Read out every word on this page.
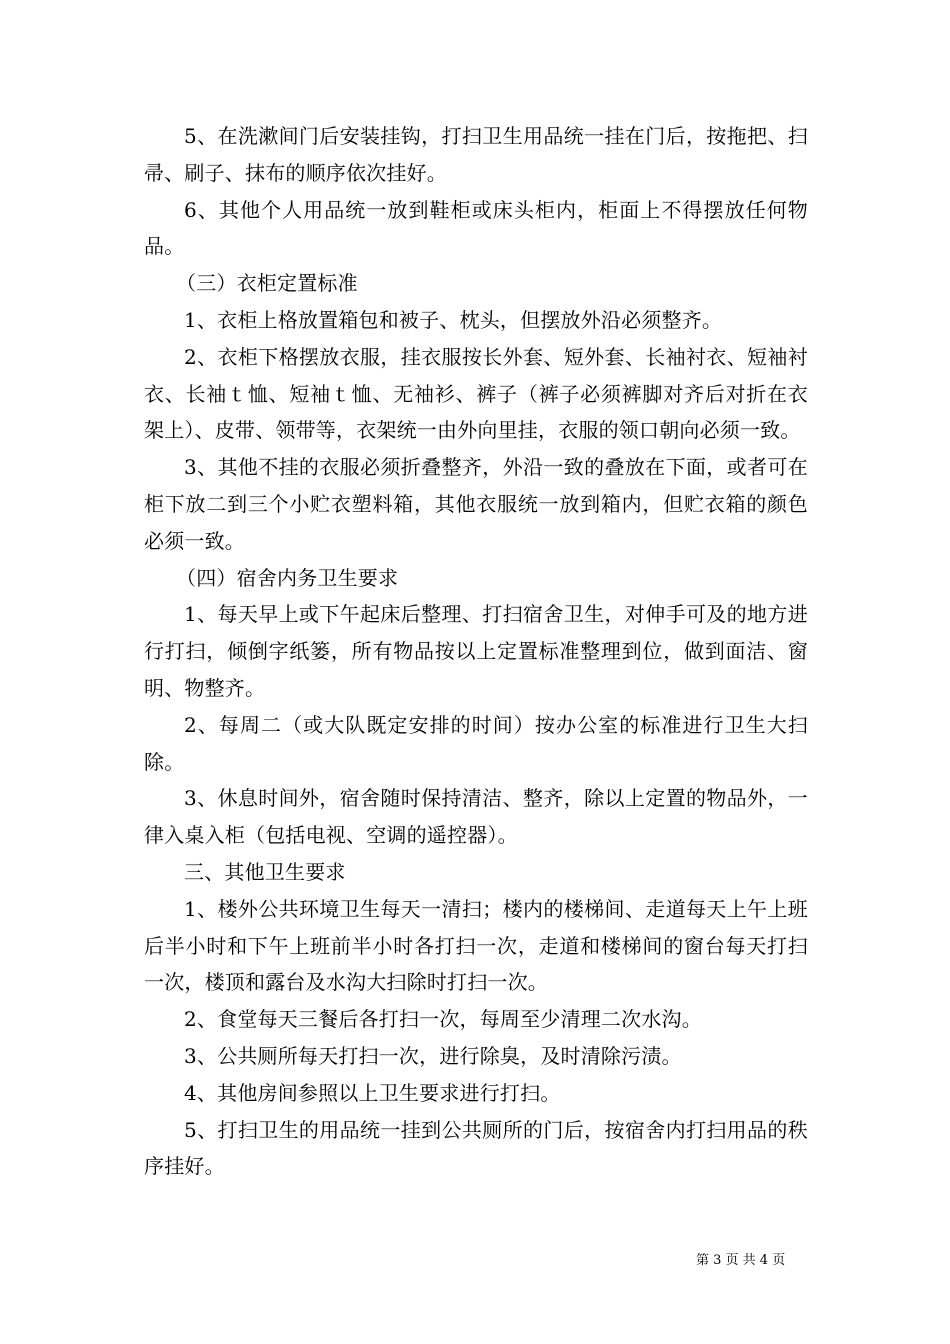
5、在洗漱间门后安装挂钩，打扫卫生用品统一挂在门后，按拖把、扫帚、刷子、抹布的顺序依次挂好。

6、其他个人用品统一放到鞋柜或床头柜内，柜面上不得摆放任何物品。

（三）衣柜定置标准

1、衣柜上格放置箱包和被子、枕头，但摆放外沿必须整齐。

2、衣柜下格摆放衣服，挂衣服按长外套、短外套、长袖衬衣、短袖衬衣、长袖ｔ恤、短袖ｔ恤、无袖衫、裤子（裤子必须裤脚对齐后对折在衣架上）、皮带、领带等，衣架统一由外向里挂，衣服的领口朝向必须一致。

3、其他不挂的衣服必须折叠整齐，外沿一致的叠放在下面，或者可在柜下放二到三个小贮衣塑料箱，其他衣服统一放到箱内，但贮衣箱的颜色必须一致。

（四）宿舍内务卫生要求

1、每天早上或下午起床后整理、打扫宿舍卫生，对伸手可及的地方进行打扫，倾倒字纸篓，所有物品按以上定置标准整理到位，做到面洁、窗明、物整齐。

2、每周二（或大队既定安排的时间）按办公室的标准进行卫生大扫除。

3、休息时间外，宿舍随时保持清洁、整齐，除以上定置的物品外，一律入桌入柜（包括电视、空调的遥控器）。

三、其他卫生要求

1、楼外公共环境卫生每天一清扫；楼内的楼梯间、走道每天上午上班后半小时和下午上班前半小时各打扫一次，走道和楼梯间的窗台每天打扫一次，楼顶和露台及水沟大扫除时打扫一次。

2、食堂每天三餐后各打扫一次，每周至少清理二次水沟。

3、公共厕所每天打扫一次，进行除臭，及时清除污渍。

4、其他房间参照以上卫生要求进行打扫。

5、打扫卫生的用品统一挂到公共厕所的门后，按宿舍内打扫用品的秩序挂好。

第 3 页 共 4 页
